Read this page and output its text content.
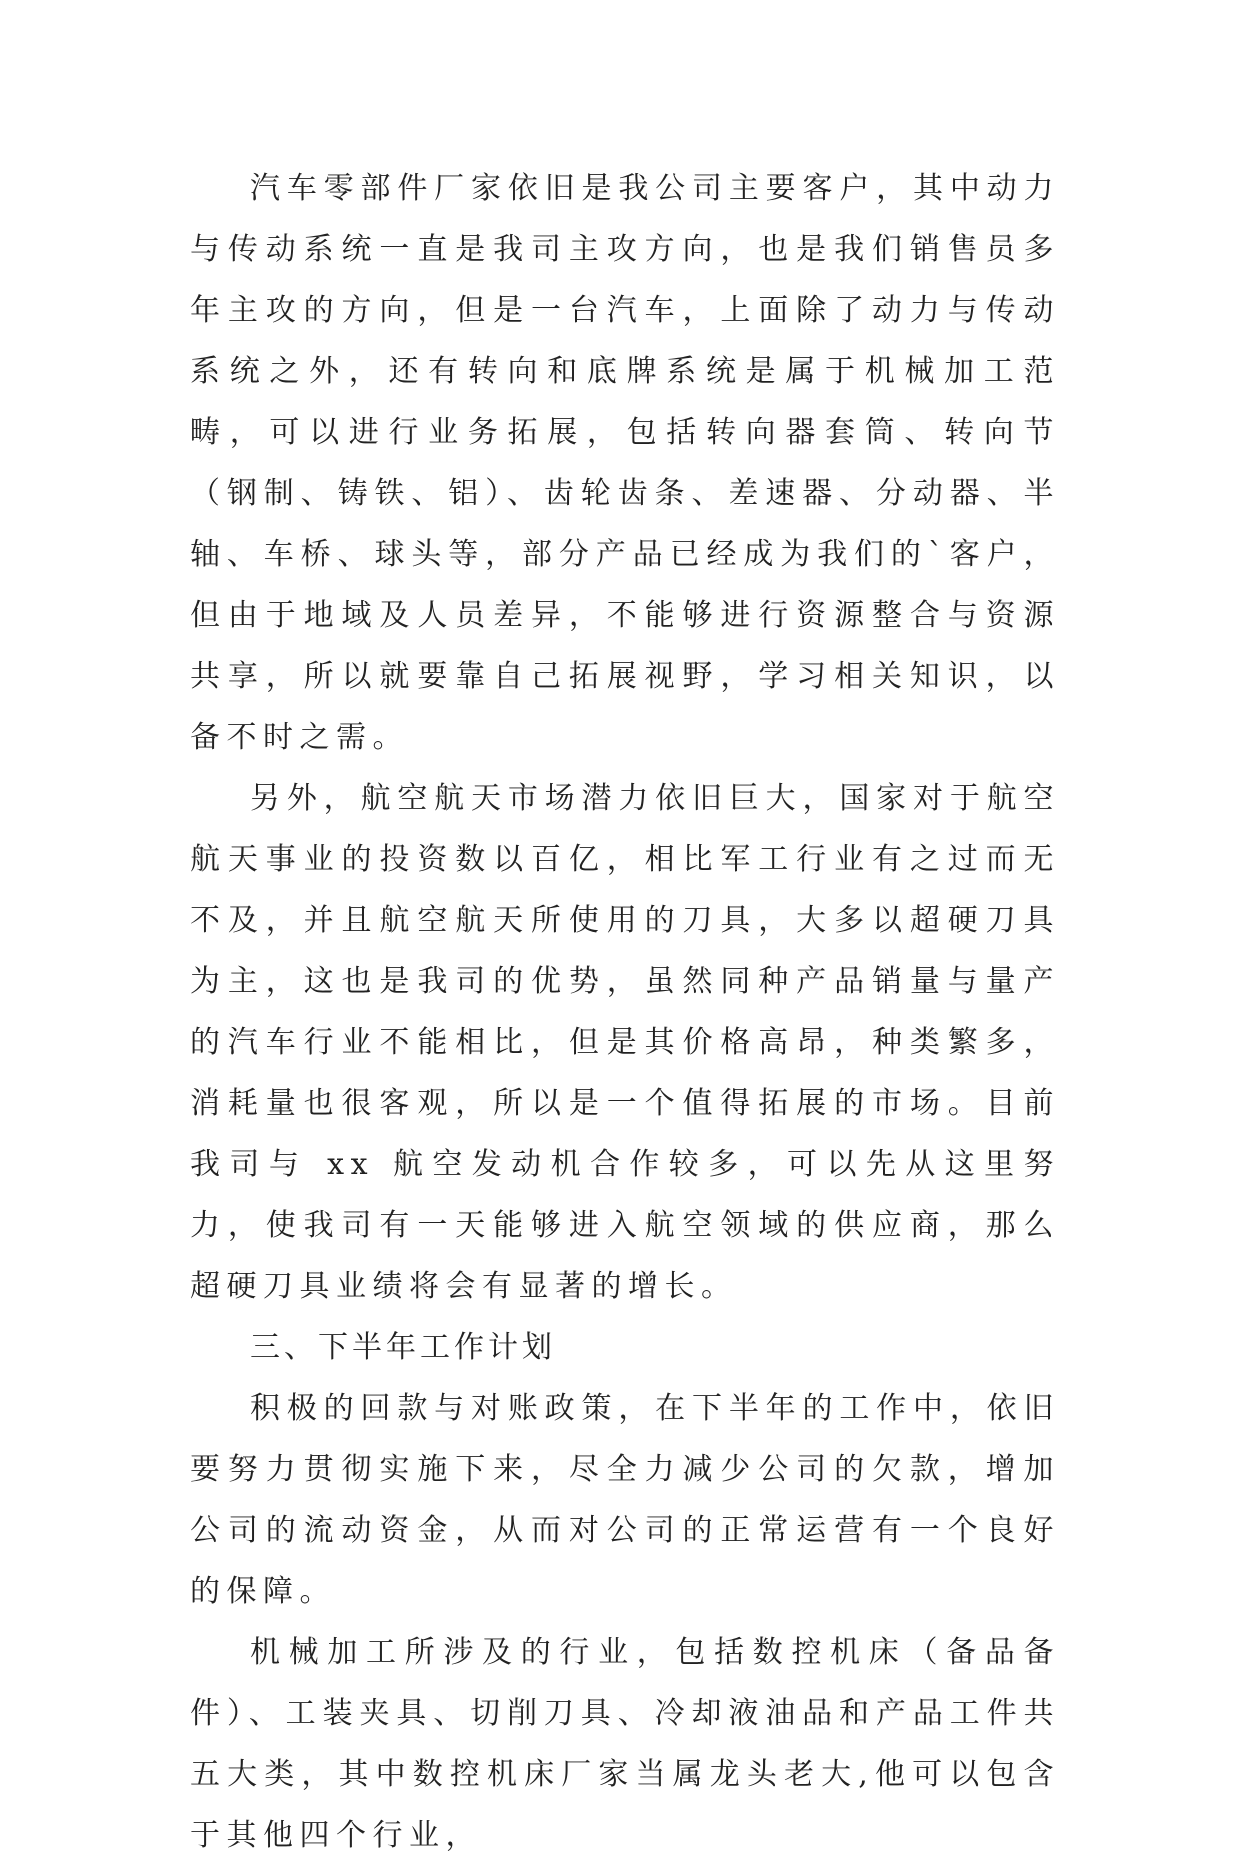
汽车零部件厂家依旧是我公司主要客户，其中动力与传动系统一直是我司主攻方向，也是我们销售员多年主攻的方向，但是一台汽车，上面除了动力与传动系统之外，还有转向和底牌系统是属于机械加工范畴，可以进行业务拓展，包括转向器套筒、转向节（钢制、铸铁、铝）、齿轮齿条、差速器、分动器、半轴、车桥、球头等，部分产品已经成为我们的`客户，但由于地域及人员差异，不能够进行资源整合与资源共享，所以就要靠自己拓展视野，学习相关知识，以备不时之需。

另外，航空航天市场潜力依旧巨大，国家对于航空航天事业的投资数以百亿，相比军工行业有之过而无不及，并且航空航天所使用的刀具，大多以超硬刀具为主，这也是我司的优势，虽然同种产品销量与量产的汽车行业不能相比，但是其价格高昂，种类繁多，消耗量也很客观，所以是一个值得拓展的市场。目前我司与 xx 航空发动机合作较多，可以先从这里努力，使我司有一天能够进入航空领域的供应商，那么超硬刀具业绩将会有显著的增长。

三、下半年工作计划

积极的回款与对账政策，在下半年的工作中，依旧要努力贯彻实施下来，尽全力减少公司的欠款，增加公司的流动资金，从而对公司的正常运营有一个良好的保障。

机械加工所涉及的行业，包括数控机床（备品备件）、工装夹具、切削刀具、冷却液油品和产品工件共五大类，其中数控机床厂家当属龙头老大,他可以包含于其他四个行业，
